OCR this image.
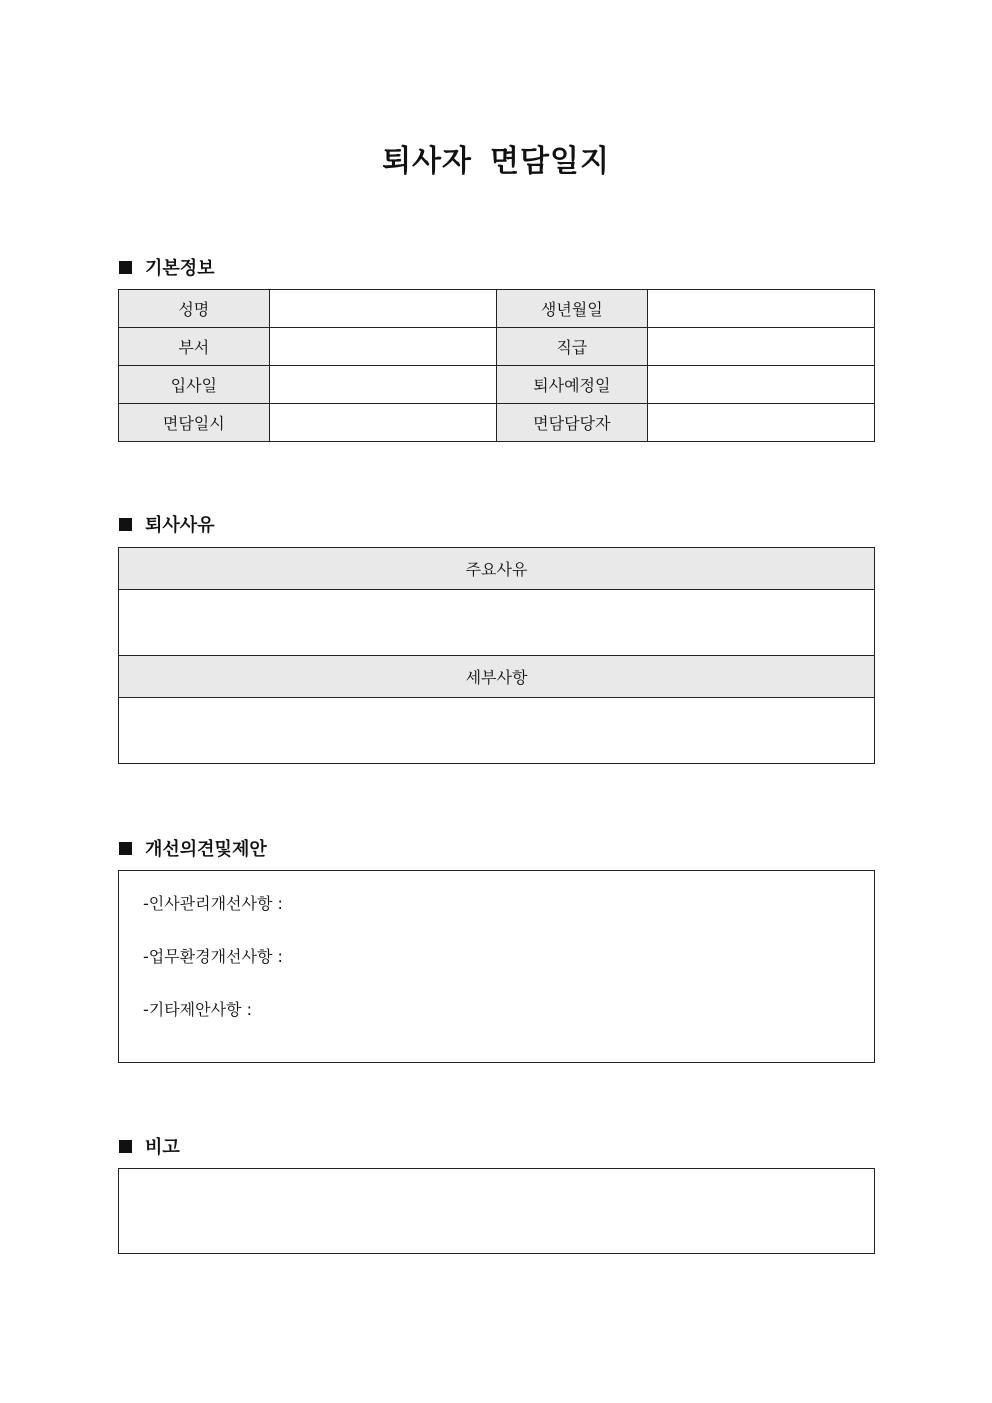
퇴사자 면담일지
기본정보
성명		생년월일	
부서		직급	
입사일		퇴사예정일	
면담일시		면담담당자	
퇴사사유
주요사유

세부사항

개선의견및제안
-인사관리개선사항 :
-업무환경개선사항 :
-기타제안사항 :
비고
